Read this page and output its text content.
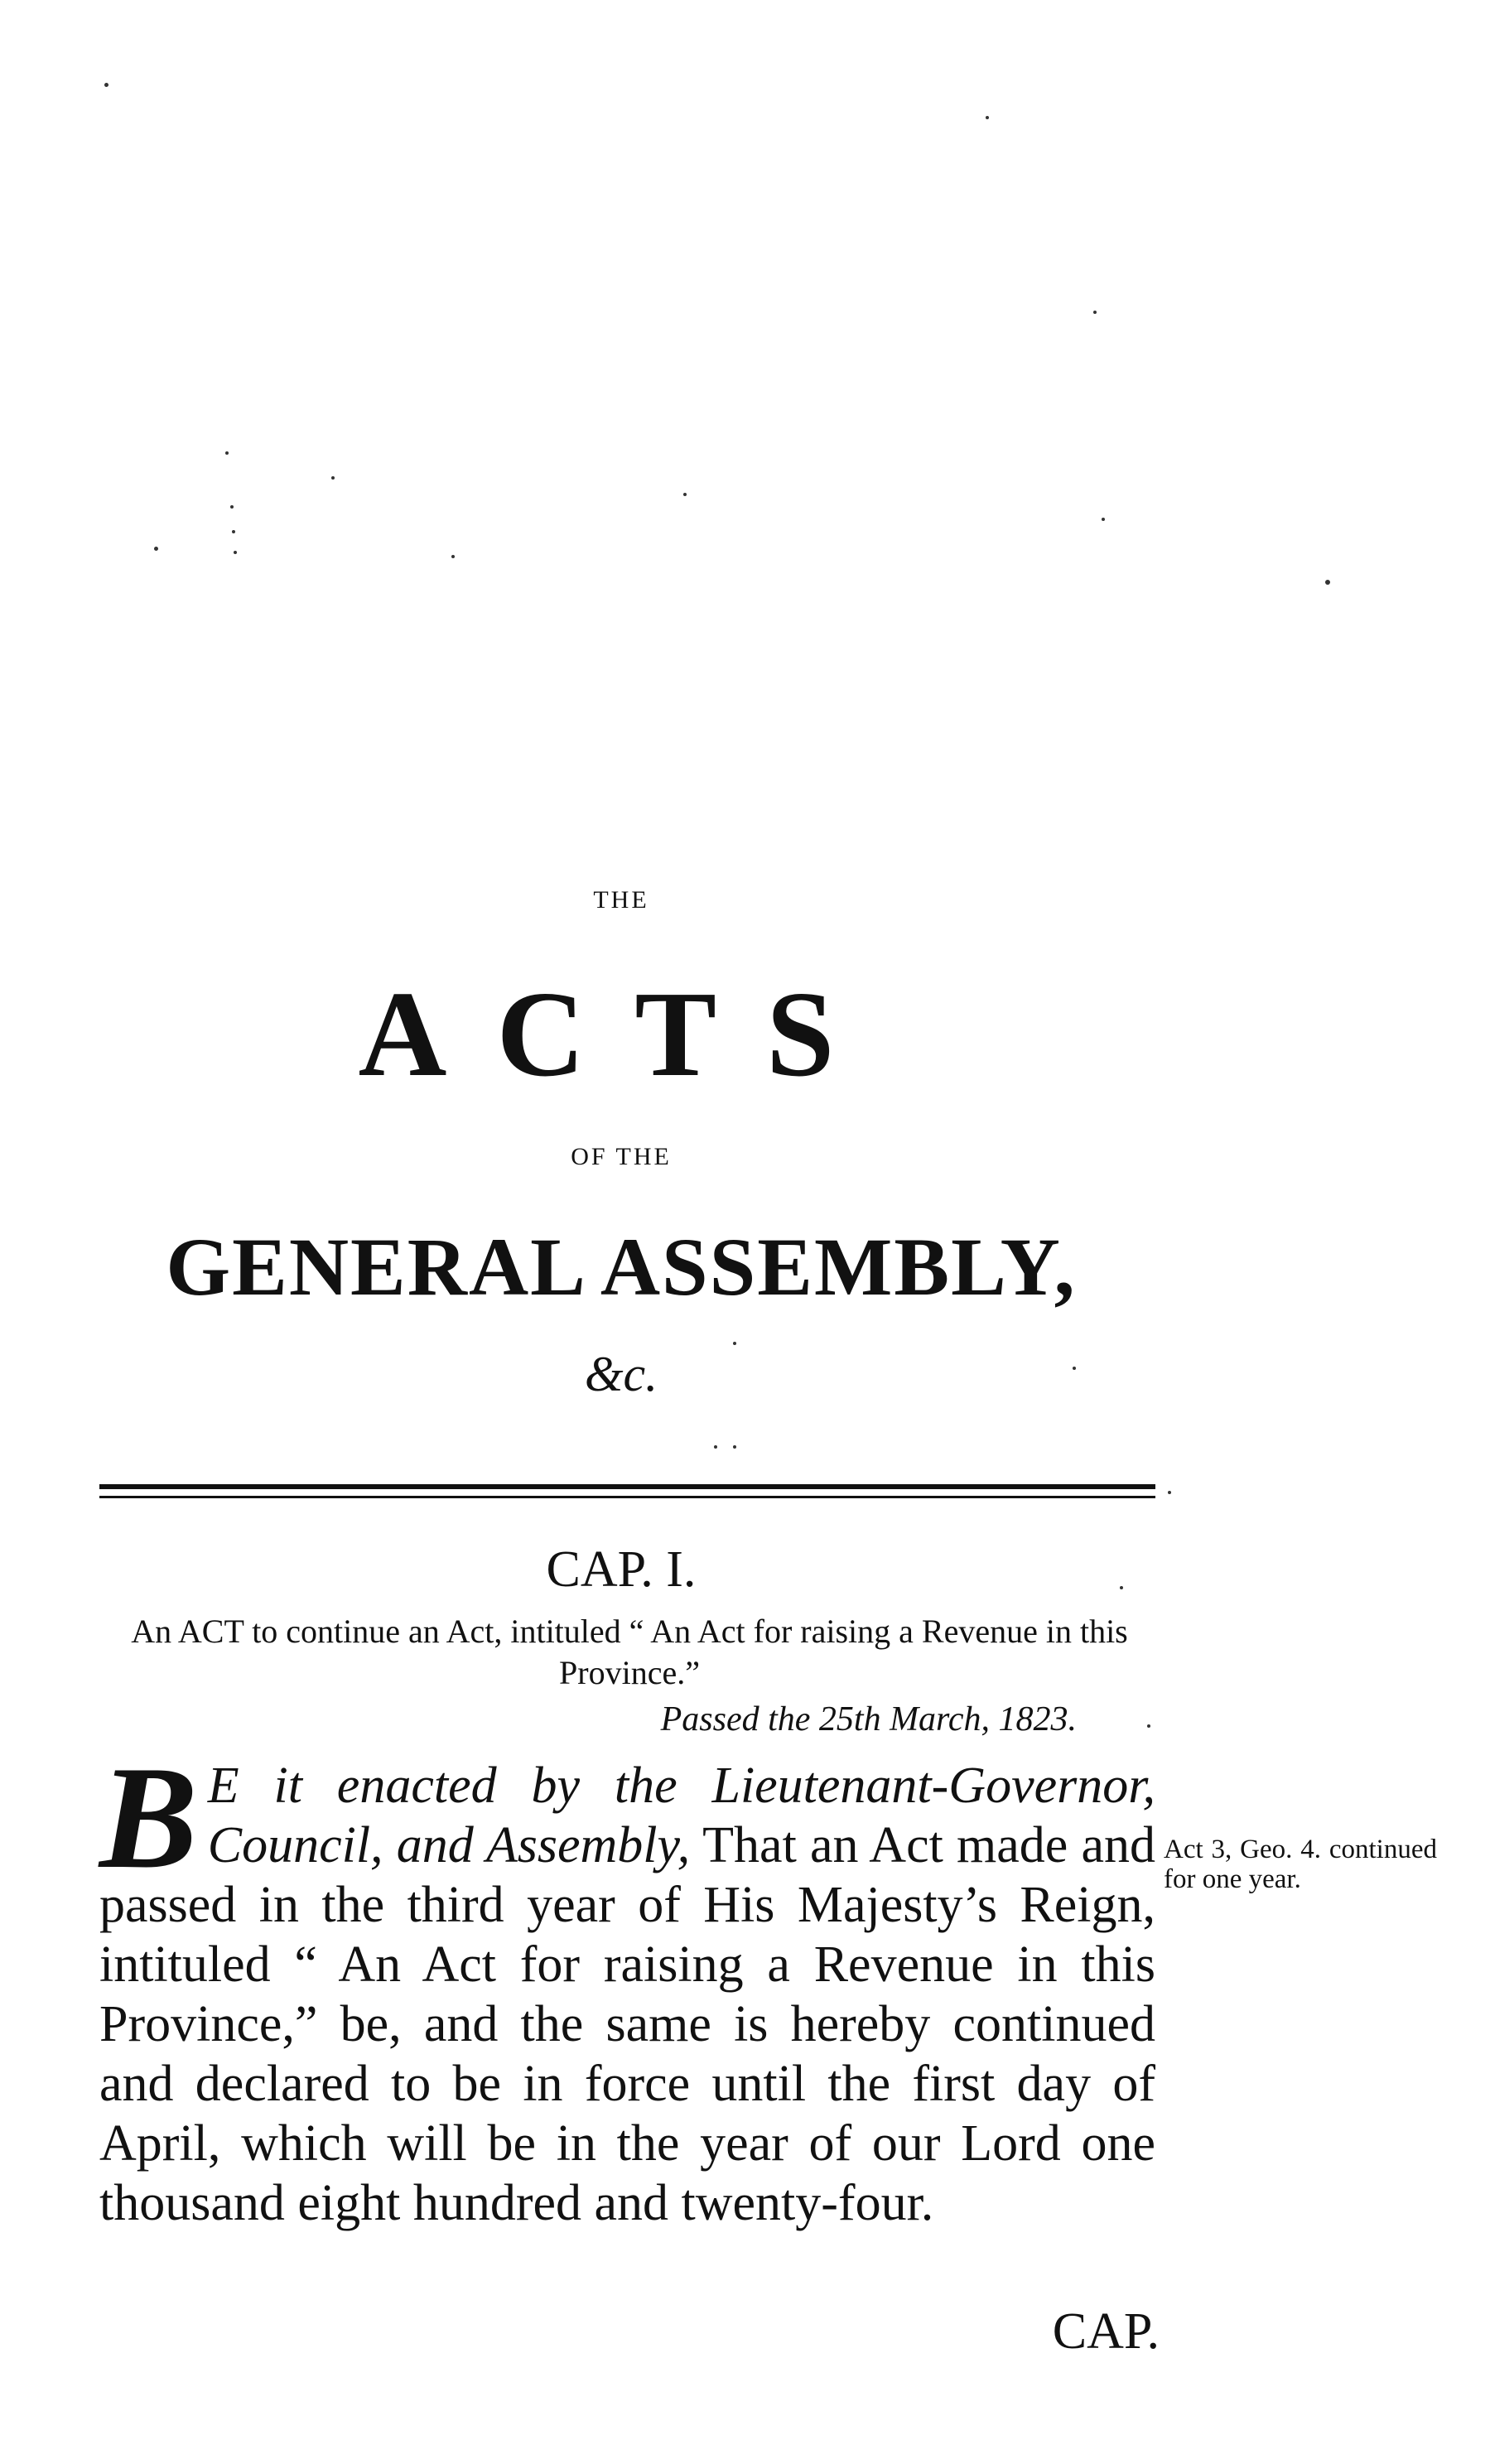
THE
ACTS
OF THE
GENERAL ASSEMBLY,
&c.
CAP. I.
An ACT to continue an Act, intituled “ An Act for raising a Revenue in this Province.”
Passed the 25th March, 1823.
B E it enacted by the Lieutenant-Governor, Council, and Assembly, That an Act made and passed in the third year of His Majesty’s Reign, intituled “ An Act for raising a Revenue in this Province,” be, and the same is hereby continued and declared to be in force until the first day of April, which will be in the year of our Lord one thousand eight hundred and twenty-four.
Act 3, Geo. 4. continued for one year.
CAP.
